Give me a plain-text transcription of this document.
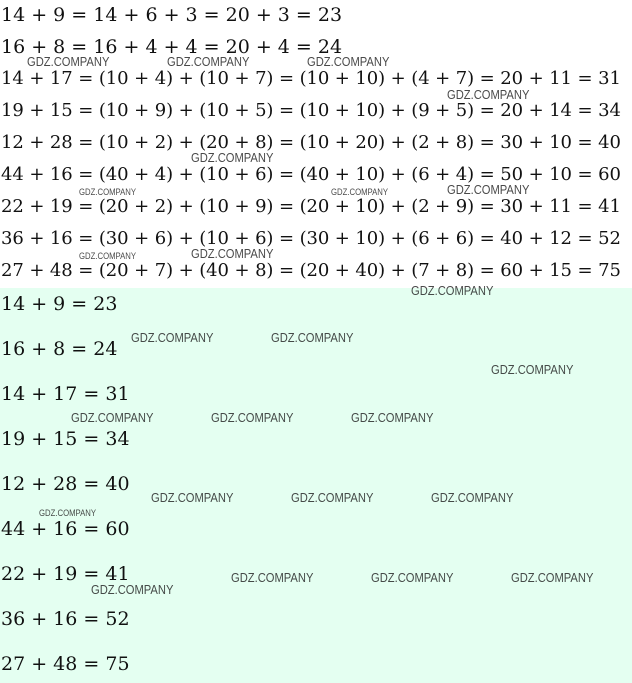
14 + 9 = 14 + 6 + 3 = 20 + 3 = 23
16 + 8 = 16 + 4 + 4 = 20 + 4 = 24
14 + 17 = (10 + 4) + (10 + 7) = (10 + 10) + (4 + 7) = 20 + 11 = 31
19 + 15 = (10 + 9) + (10 + 5) = (10 + 10) + (9 + 5) = 20 + 14 = 34
12 + 28 = (10 + 2) + (20 + 8) = (10 + 20) + (2 + 8) = 30 + 10 = 40
44 + 16 = (40 + 4) + (10 + 6) = (40 + 10) + (6 + 4) = 50 + 10 = 60
22 + 19 = (20 + 2) + (10 + 9) = (20 + 10) + (2 + 9) = 30 + 11 = 41
36 + 16 = (30 + 6) + (10 + 6) = (30 + 10) + (6 + 6) = 40 + 12 = 52
27 + 48 = (20 + 7) + (40 + 8) = (20 + 40) + (7 + 8) = 60 + 15 = 75
14 + 9 = 23
16 + 8 = 24
14 + 17 = 31
19 + 15 = 34
12 + 28 = 40
44 + 16 = 60
22 + 19 = 41
36 + 16 = 52
27 + 48 = 75
GDZ.COMPANY	GDZ.COMPANY	GDZ.COMPANY
GDZ.COMPANY
GDZ.COMPANY
GDZ.COMPANY	GDZ.COMPANY	GDZ.COMPANY
GDZ.COMPANY	GDZ.COMPANY
GDZ.COMPANY
GDZ.COMPANY	GDZ.COMPANY
GDZ.COMPANY
GDZ.COMPANY	GDZ.COMPANY	GDZ.COMPANY
GDZ.COMPANY	GDZ.COMPANY	GDZ.COMPANY
GDZ.COMPANY
GDZ.COMPANY	GDZ.COMPANY	GDZ.COMPANY
GDZ.COMPANY
